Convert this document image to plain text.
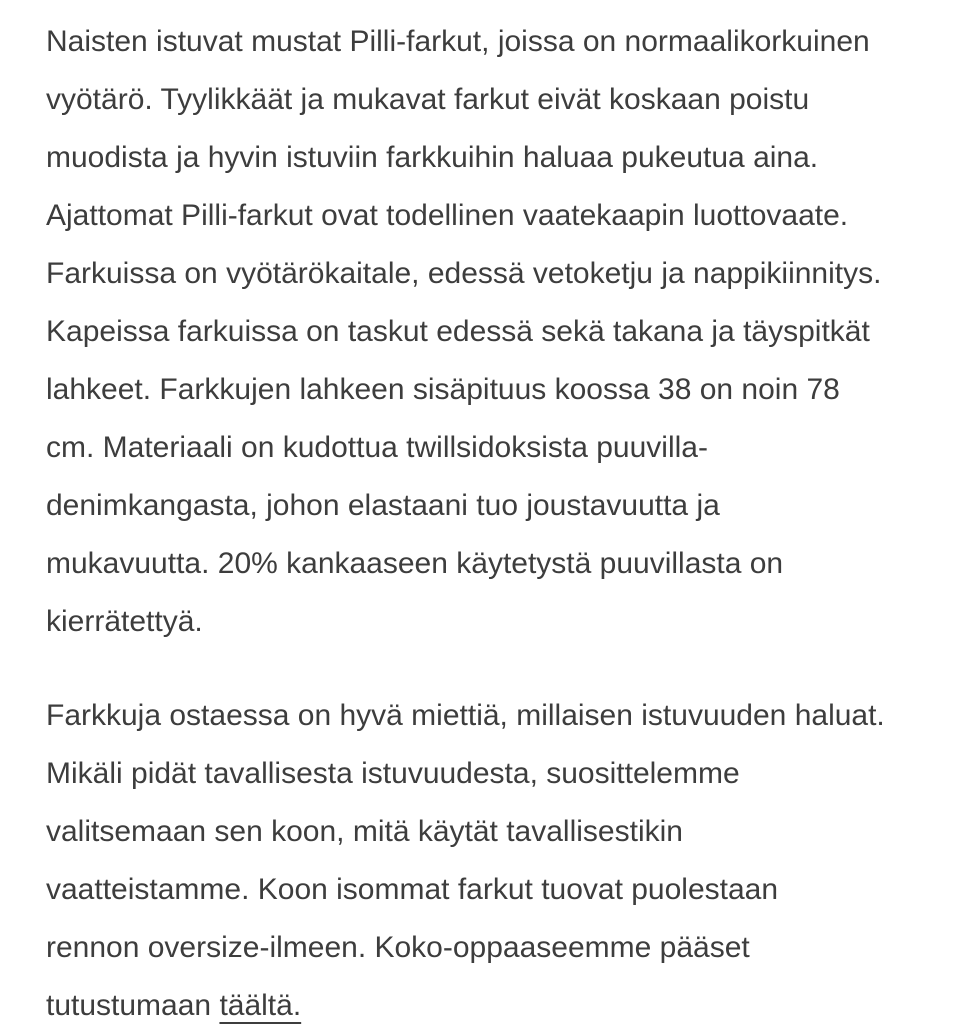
Naisten istuvat mustat Pilli-farkut, joissa on normaalikorkuinen
vyötärö. Tyylikkäät ja mukavat farkut eivät koskaan poistu
muodista ja hyvin istuviin farkkuihin haluaa pukeutua aina.
Ajattomat Pilli-farkut ovat todellinen vaatekaapin luottovaate.
Farkuissa on vyötärökaitale, edessä vetoketju ja nappikiinnitys.
Kapeissa farkuissa on taskut edessä sekä takana ja täyspitkät
lahkeet. Farkkujen lahkeen sisäpituus koossa 38 on noin 78
cm. Materiaali on kudottua twillsidoksista puuvilla-
denimkangasta, johon elastaani tuo joustavuutta ja
mukavuutta. 20% kankaaseen käytetystä puuvillasta on
kierrätettyä.
Farkkuja ostaessa on hyvä miettiä, millaisen istuvuuden haluat.
Mikäli pidät tavallisesta istuvuudesta, suosittelemme
valitsemaan sen koon, mitä käytät tavallisestikin
vaatteistamme. Koon isommat farkut tuovat puolestaan
rennon oversize-ilmeen. Koko-oppaaseemme pääset
tutustumaan täältä.
